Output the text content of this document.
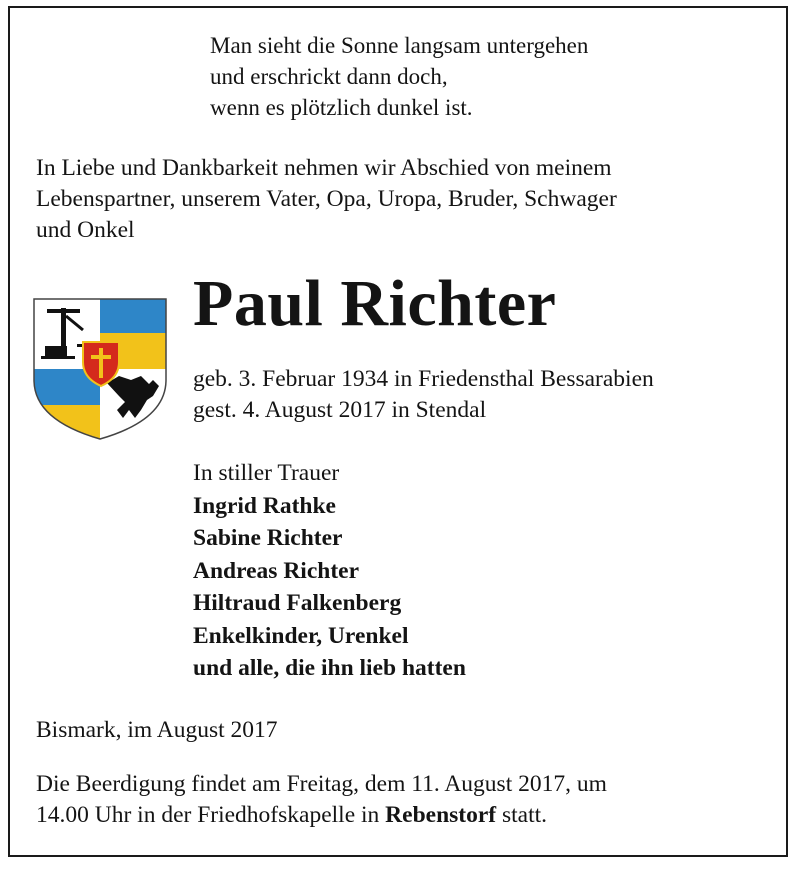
Man sieht die Sonne langsam untergehen
und erschrickt dann doch,
wenn es plötzlich dunkel ist.
In Liebe und Dankbarkeit nehmen wir Abschied von meinem
Lebenspartner, unserem Vater, Opa, Uropa, Bruder, Schwager
und Onkel
Paul Richter
geb. 3. Februar 1934 in Friedensthal Bessarabien
gest. 4. August 2017 in Stendal
In stiller Trauer
Ingrid Rathke
Sabine Richter
Andreas Richter
Hiltraud Falkenberg
Enkelkinder, Urenkel
und alle, die ihn lieb hatten
Bismark, im August 2017
Die Beerdigung findet am Freitag, dem 11. August 2017, um
14.00 Uhr in der Friedhofskapelle in Rebenstorf statt.
